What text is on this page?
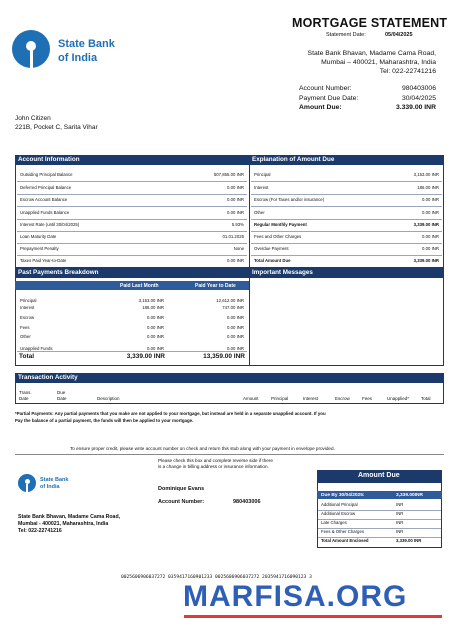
State Bank
of India
MORTGAGE STATEMENT
Statement Date:	05/04/2025
State Bank Bhavan, Madame Cama Road,
Mumbai – 400021, Maharashtra, India
Tel: 022-22741216
Account Number:	980403006
Payment Due Date:	30/04/2025
Amount Due:	3.339.00 INR
John Citizen
221B, Pocket C, Sarita Vihar
Account Information	Explanation of Amount Due
Outsiding Principal Balance	507,855.00 INR
Deferred Principal Balance	0.00 INR
Escrow Account Balance	0.00 INR
Unapplied Funds Balance	0.00 INR
Interest Rate (until 30/04/2025)	5.93%
Loan Maturity Date	01.01.2025
Prepayment Penalty	None
Taxes Paid Year-to-Date	0.00 INR
Principal	3,153.00 INR
Interest	186.00 INR
Escrow (For Taxes and/or insurance)	0.00 INR
Other	0.00 INR
Regular Monthly Payment	3,339.00 INR
Fees and Other Charges	0.00 INR
Overdue Payment	0.00 INR
Total Amount Due	3,339.00 INR
Past Payments Breakdown	Important Messages
Paid Last Month	Paid Year to Date
Principal	3,153.00 INR	12,612.00 INR
Interest	186.00 INR	747.00 INR
Escrow	0.00 INR	0.00 INR
Fees	0.00 INR	0.00 INR
Other	0.00 INR	0.00 INR
Unapplied Funds	0.00 INR	0.00 INR
Total	3,339.00 INR	13,359.00 INR
Transaction Activity
Trans.	Due
Date	Date	Description	Amount	Principal	Interest	Escrow	Fees	Unapplied*	Total
*Partial Payments: Any partial payments that you make are not applied to your mortgage, but instead are held in a separate unapplied account. If you
Pay the balance of a partial payment, the funds will then be applied to your mortgage.
To ensure proper credit, please write account number on check and return this stub along with your payment in envelope provided.
Please check this box and complete reverse side if there
is a change in billing address or insurance information.
State Bank
of India	Dominique Evans
Account Number:	980403006
State Bank Bhavan, Madame Cama Road,
Mumbai - 400021, Maharashtra, India
Tel: 022-22741216
Amount Due
Due By 30/04/2025:	3,339.00INR
Additional Principal	INR
Additional Escrow	INR
Late Charges	INR
Fees & Other Charges	INR
Total Amount Enclosed	3,339.00 INR
0025606906037272 0359417160901233 0025606906037272 2035941716090123 3
MARFISA.ORG
